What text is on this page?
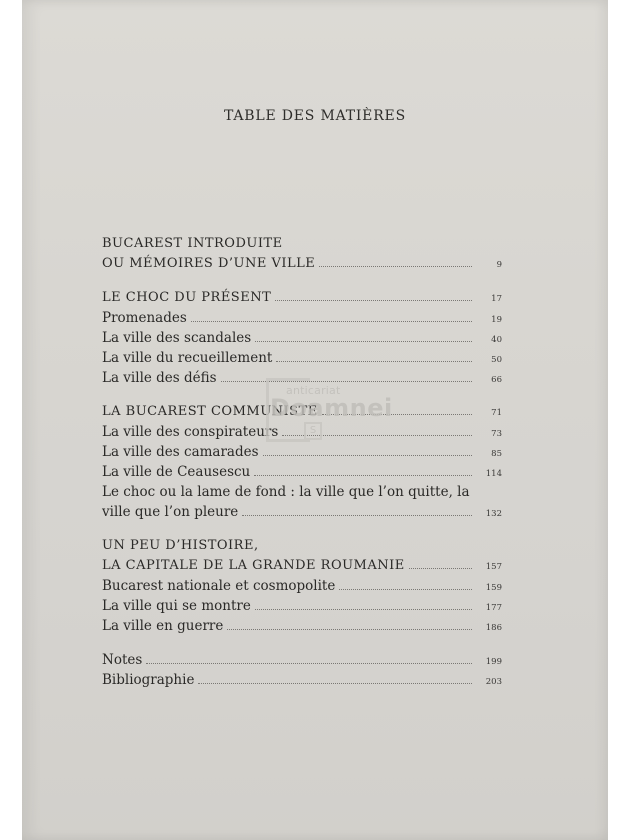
TABLE DES MATIÈRES
BUCAREST INTRODUITE
OU MÉMOIRES D’UNE VILLE	9
LE CHOC DU PRÉSENT	17
Promenades	19
La ville des scandales	40
La ville du recueillement	50
La ville des défis	66
LA BUCAREST COMMUNISTE	71
La ville des conspirateurs	73
La ville des camarades	85
La ville de Ceausescu	114
Le choc ou la lame de fond : la ville que l’on quitte, la
ville que l’on pleure	132
UN PEU D’HISTOIRE,
LA CAPITALE DE LA GRANDE ROUMANIE	157
Bucarest nationale et cosmopolite	159
La ville qui se montre	177
La ville en guerre	186
Notes	199
Bibliographie	203
anticariat
Doamnei
S
